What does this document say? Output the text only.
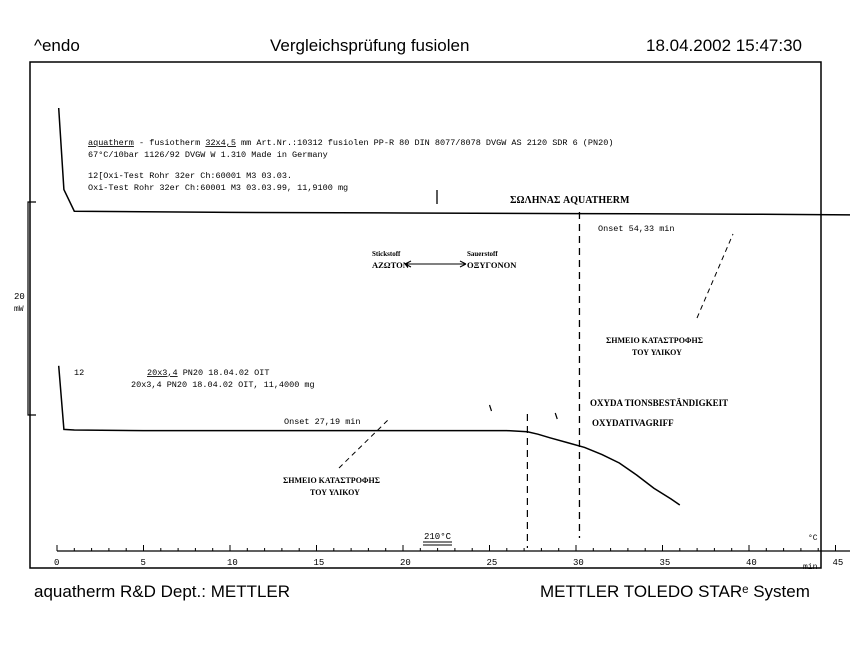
^endo	Vergleichsprüfung fusiolen	18.04.2002 15:47:30
20
mW
aquatherm - fusiotherm 32x4,5 mm Art.Nr.:10312 fusiolen PP-R 80 DIN 8077/8078 DVGW AS 2120 SDR 6 (PN20)
67°C/10bar 1126/92 DVGW W 1.310 Made in Germany
12[Oxi-Test Rohr 32er Ch:60001 M3 03.03.
Oxi-Test Rohr 32er Ch:60001 M3 03.03.99, 11,9100 mg
ΣΩΛΗΝΑΣ AQUATHERM
Stickstoff
ΑΖΩΤΟΝ
Sauerstoff
ΟΞΥΓΟΝΟΝ
ΣΗΜΕΙΟ ΚΑΤΑΣΤΡΟΦΗΣ
ΤΟΥ ΥΛΙΚΟΥ
OXYDA TIONSBESTÄNDIGKEIT
OXYDATIVAGRIFF
ΣΗΜΕΙΟ ΚΑΤΑΣΤΡΟΦΗΣ
ΤΟΥ ΥΛΙΚΟΥ
12	20x3,4 PN20 18.04.02 OIT
20x3,4 PN20 18.04.02 OIT, 11,4000 mg
Onset 54,33 min
Onset 27,19 min
210°C	°C
min
0	5	10	15	20	25	30	35	40	45
aquatherm R&D Dept.: METTLER	METTLER TOLEDO STARᵉ System
